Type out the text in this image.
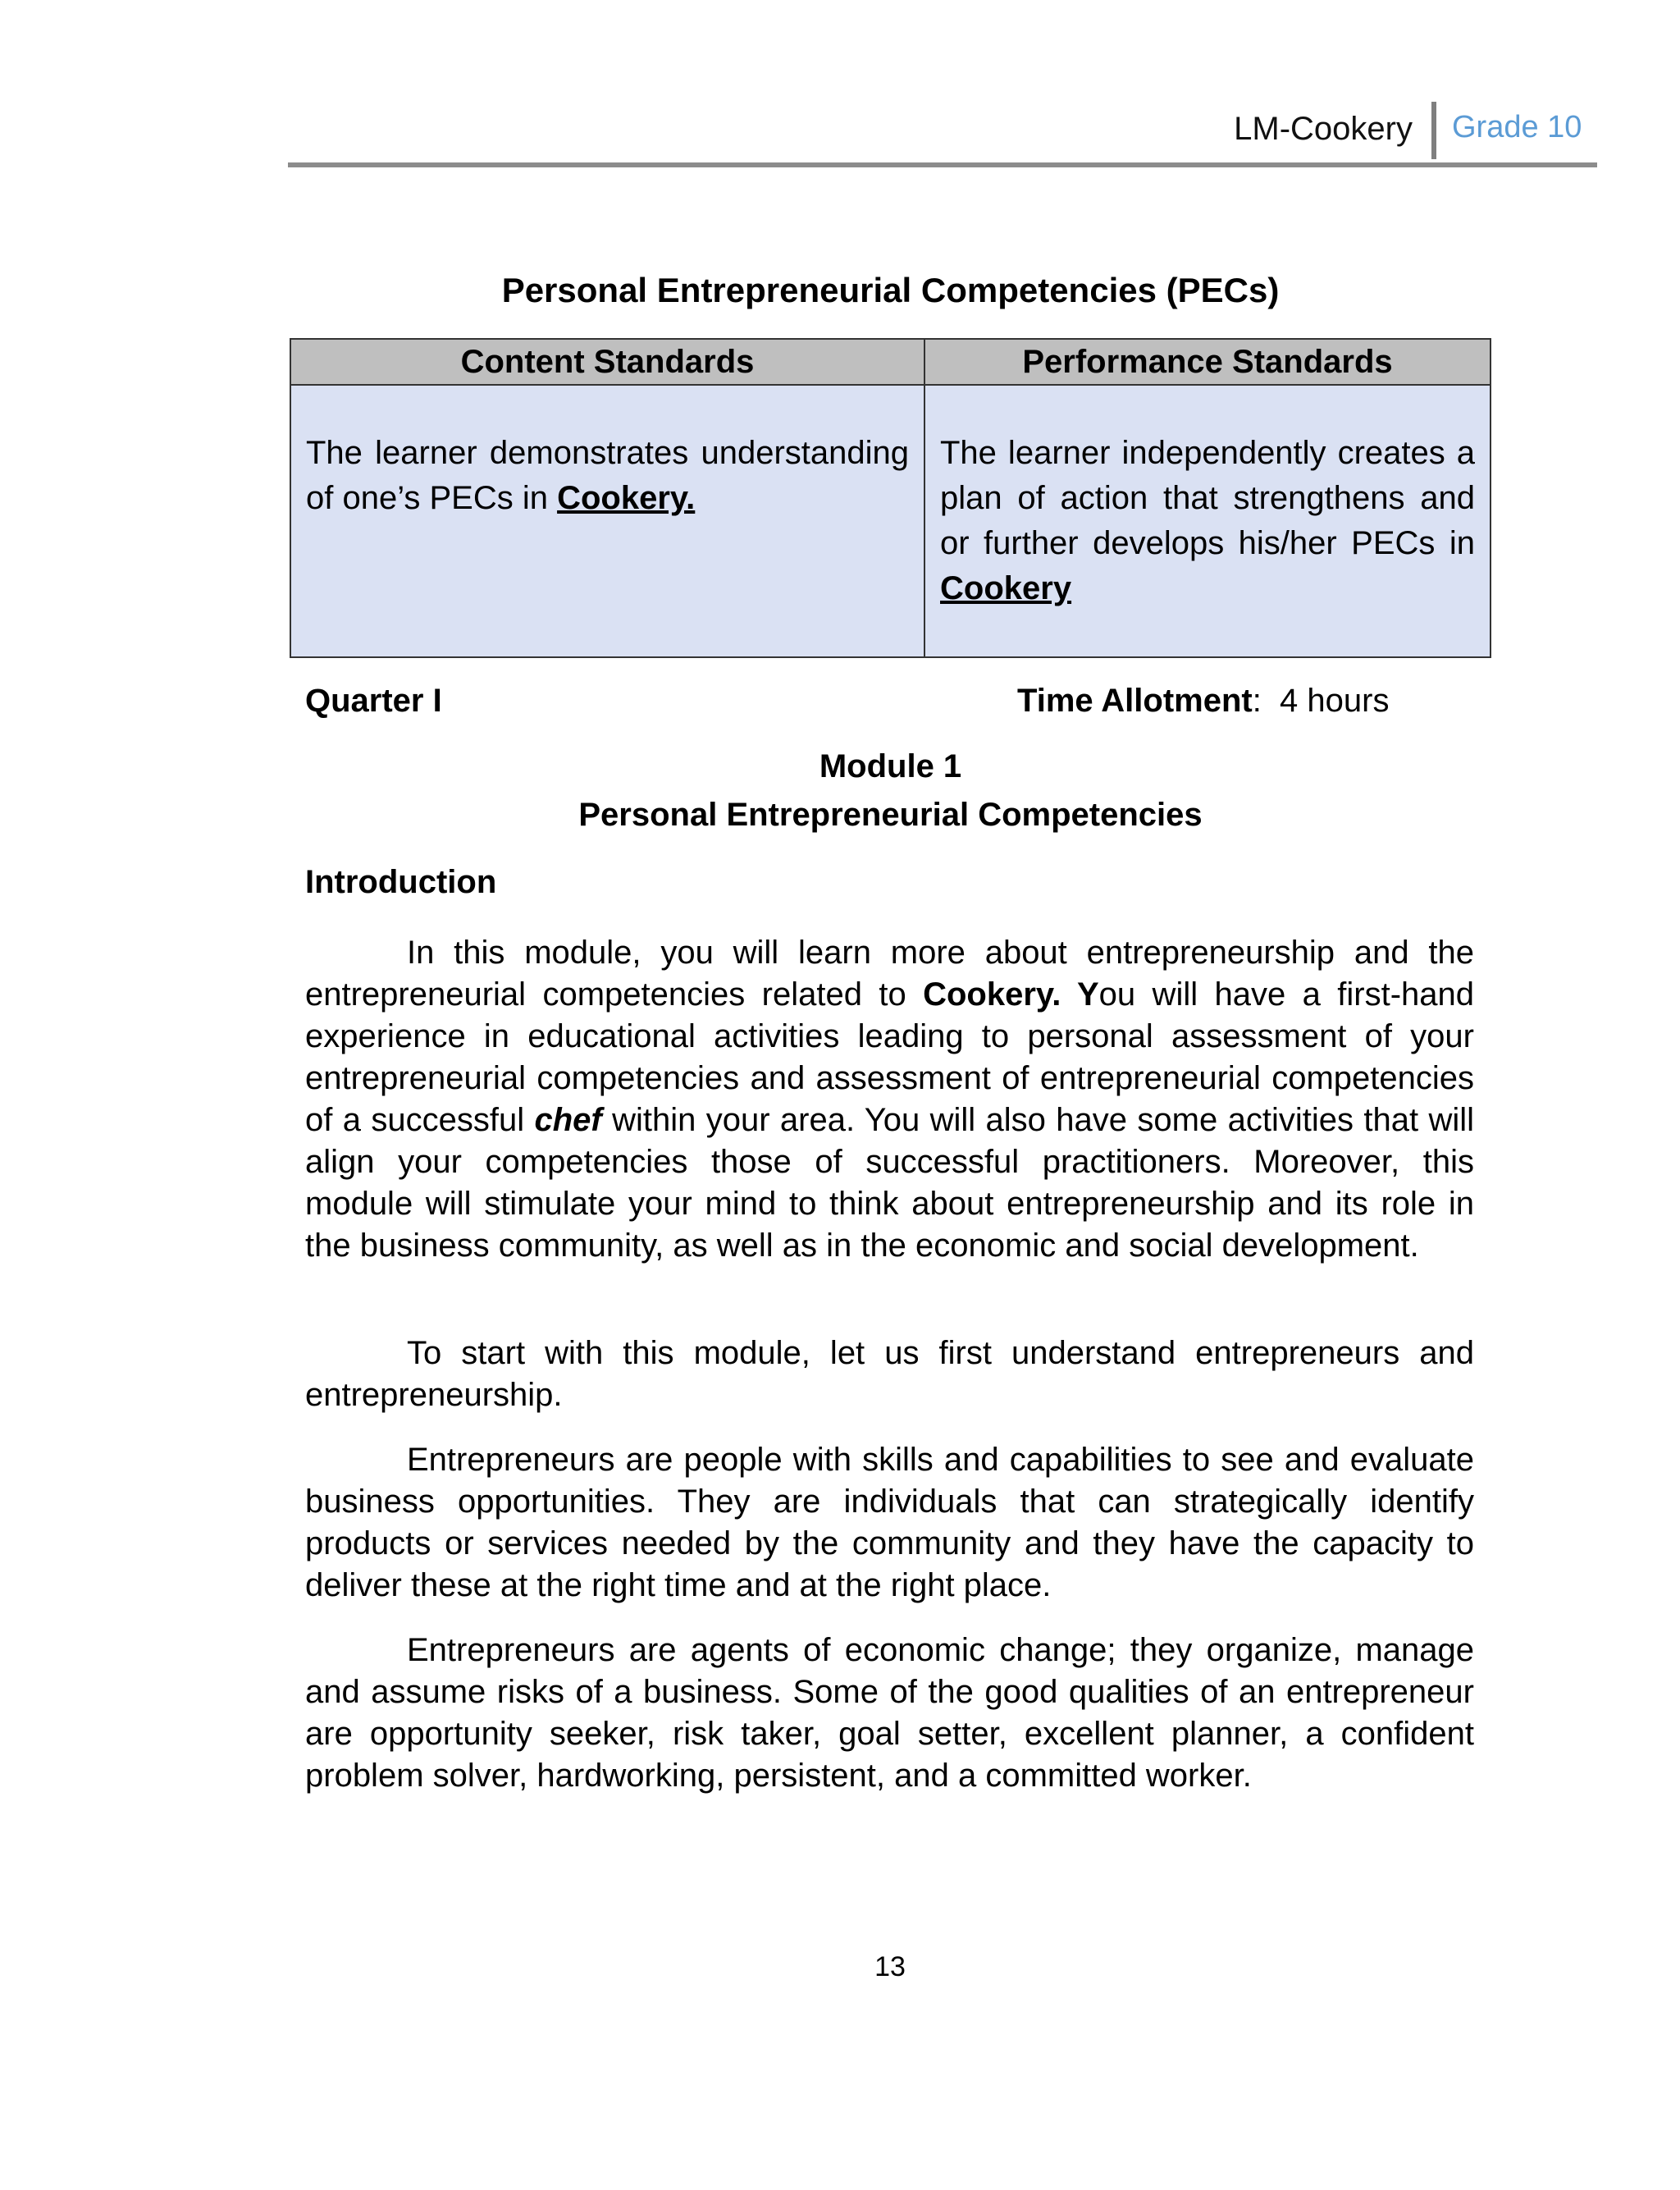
LM-Cookery Grade 10
Personal Entrepreneurial Competencies (PECs)
Content Standards	Performance Standards

The learner demonstrates understanding of one’s PECs in Cookery.	The learner independently creates a plan of action that strengthens and or further develops his/her PECs in Cookery
Quarter I	Time Allotment:  4 hours
Module 1
Personal Entrepreneurial Competencies
Introduction

In this module, you will learn more about entrepreneurship and the entrepreneurial competencies related to Cookery. You will have a first-hand experience in educational activities leading to personal assessment of your entrepreneurial competencies and assessment of entrepreneurial competencies of a successful chef within your area. You will also have some activities that will align your competencies those of successful practitioners. Moreover, this module will stimulate your mind to think about entrepreneurship and its role in the business community, as well as in the economic and social development.

To start with this module, let us first understand entrepreneurs and entrepreneurship.

Entrepreneurs are people with skills and capabilities to see and evaluate business opportunities. They are individuals that can strategically identify products or services needed by the community and they have the capacity to deliver these at the right time and at the right place.

Entrepreneurs are agents of economic change; they organize, manage and assume risks of a business. Some of the good qualities of an entrepreneur are opportunity seeker, risk taker, goal setter, excellent planner, a confident problem solver, hardworking, persistent, and a committed worker.

13
